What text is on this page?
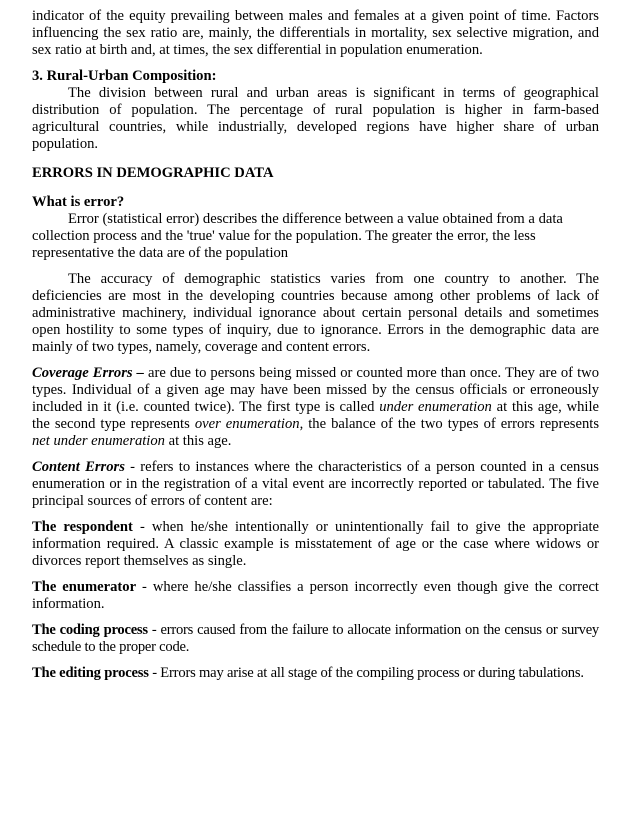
indicator of the equity prevailing between males and females at a given point of time. Factors influencing the sex ratio are, mainly, the differentials in mortality, sex selective migration, and sex ratio at birth and, at times, the sex differential in population enumeration.

3. Rural-Urban Composition:

The division between rural and urban areas is significant in terms of geographical distribution of population. The percentage of rural population is higher in farm-based agricultural countries, while industrially, developed regions have higher share of urban population.

ERRORS IN DEMOGRAPHIC DATA
What is error?

Error (statistical error) describes the difference between a value obtained from a data collection process and the 'true' value for the population. The greater the error, the less representative the data are of the population

The accuracy of demographic statistics varies from one country to another. The deficiencies are most in the developing countries because among other problems of lack of administrative machinery, individual ignorance about certain personal details and sometimes open hostility to some types of inquiry, due to ignorance. Errors in the demographic data are mainly of two types, namely, coverage and content errors.

Coverage Errors – are due to persons being missed or counted more than once. They are of two types. Individual of a given age may have been missed by the census officials or erroneously included in it (i.e. counted twice). The first type is called under enumeration at this age, while the second type represents over enumeration, the balance of the two types of errors represents net under enumeration at this age.

Content Errors - refers to instances where the characteristics of a person counted in a census enumeration or in the registration of a vital event are incorrectly reported or tabulated. The five principal sources of errors of content are:

The respondent - when he/she intentionally or unintentionally fail to give the appropriate information required. A classic example is misstatement of age or the case where widows or divorces report themselves as single.

The enumerator - where he/she classifies a person incorrectly even though give the correct information.

The coding process - errors caused from the failure to allocate information on the census or survey schedule to the proper code.

The editing process - Errors may arise at all stage of the compiling process or during tabulations.
